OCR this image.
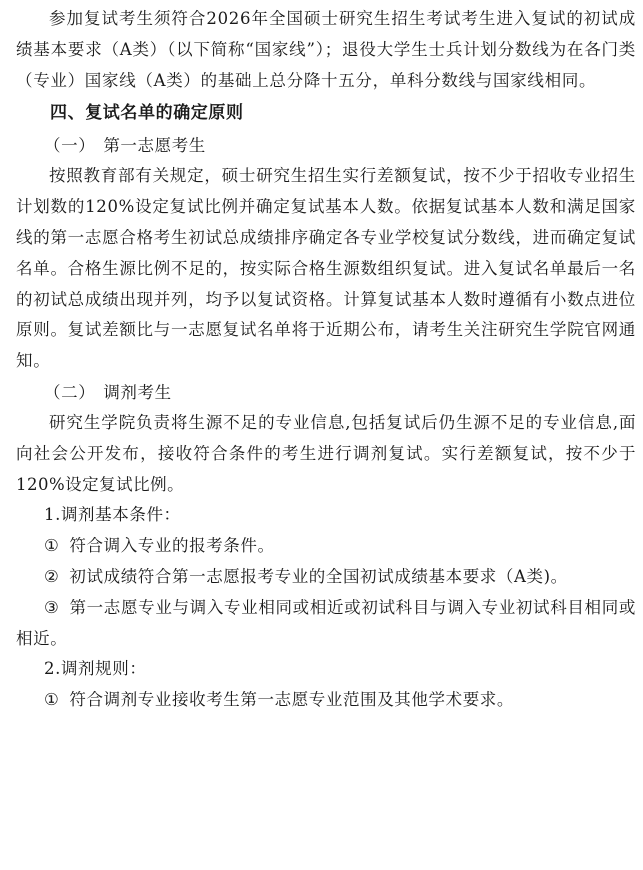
参加复试考生须符合2026年全国硕士研究生招生考试考生进入复试的初试成绩基本要求（A类）（以下简称“国家线”）；退役大学生士兵计划分数线为在各门类（专业）国家线（A类）的基础上总分降十五分，单科分数线与国家线相同。

四、复试名单的确定原则

（一） 第一志愿考生

按照教育部有关规定，硕士研究生招生实行差额复试，按不少于招收专业招生计划数的120%设定复试比例并确定复试基本人数。依据复试基本人数和满足国家线的第一志愿合格考生初试总成绩排序确定各专业学校复试分数线，进而确定复试名单。合格生源比例不足的，按实际合格生源数组织复试。进入复试名单最后一名的初试总成绩出现并列，均予以复试资格。计算复试基本人数时遵循有小数点进位原则。复试差额比与一志愿复试名单将于近期公布，请考生关注研究生学院官网通知。

（二） 调剂考生

研究生学院负责将生源不足的专业信息,包括复试后仍生源不足的专业信息,面向社会公开发布，接收符合条件的考生进行调剂复试。实行差额复试，按不少于120%设定复试比例。

1.调剂基本条件：

① 符合调入专业的报考条件。

② 初试成绩符合第一志愿报考专业的全国初试成绩基本要求（A类)。

③ 第一志愿专业与调入专业相同或相近或初试科目与调入专业初试科目相同或相近。

2.调剂规则：

① 符合调剂专业接收考生第一志愿专业范围及其他学术要求。
